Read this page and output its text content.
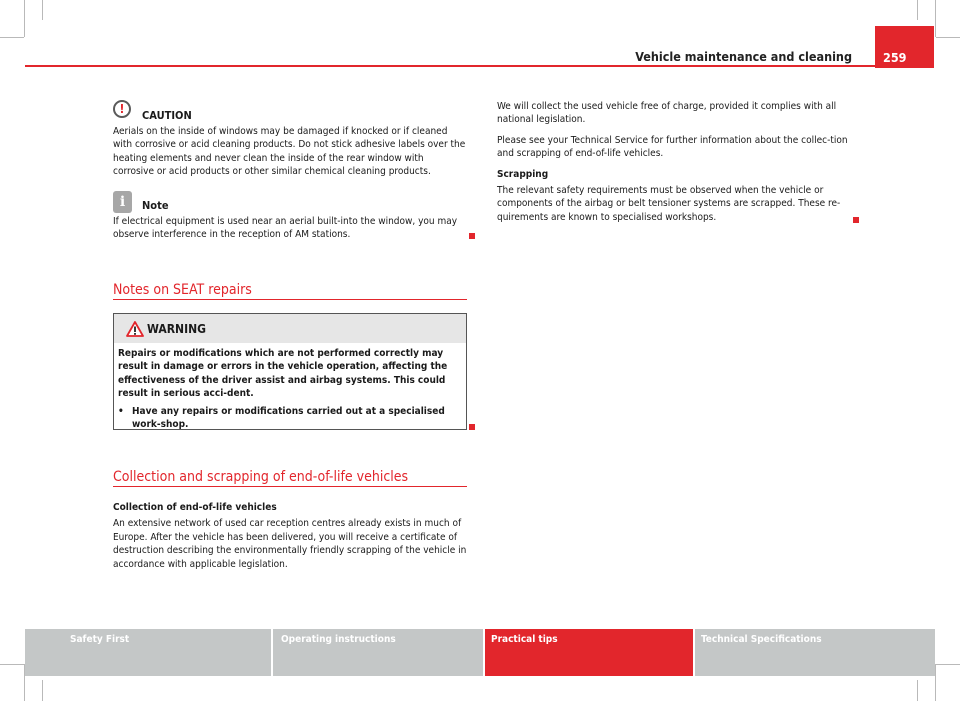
Vehicle maintenance and cleaning 259
!	CAUTION

Aerials on the inside of windows may be damaged if knocked or if cleaned with corrosive or acid cleaning products. Do not stick adhesive labels over the heating elements and never clean the inside of the rear window with corrosive or acid products or other similar chemical cleaning products.

i	Note

If electrical equipment is used near an aerial built-into the window, you may observe interference in the reception of AM stations.

Notes on SEAT repairs
WARNING

Repairs or modifications which are not performed correctly may result in damage or errors in the vehicle operation, affecting the effectiveness of the driver assist and airbag systems. This could result in serious acci-dent.

• Have any repairs or modifications carried out at a specialised work-shop.

Collection and scrapping of end-of-life vehicles

Collection of end-of-life vehicles

An extensive network of used car reception centres already exists in much of Europe. After the vehicle has been delivered, you will receive a certificate of destruction describing the environmentally friendly scrapping of the vehicle in accordance with applicable legislation.

We will collect the used vehicle free of charge, provided it complies with all national legislation.

Please see your Technical Service for further information about the collec-tion and scrapping of end-of-life vehicles.

Scrapping

The relevant safety requirements must be observed when the vehicle or components of the airbag or belt tensioner systems are scrapped. These re-quirements are known to specialised workshops.

Safety First	Operating instructions	Practical tips	Technical Specifications
